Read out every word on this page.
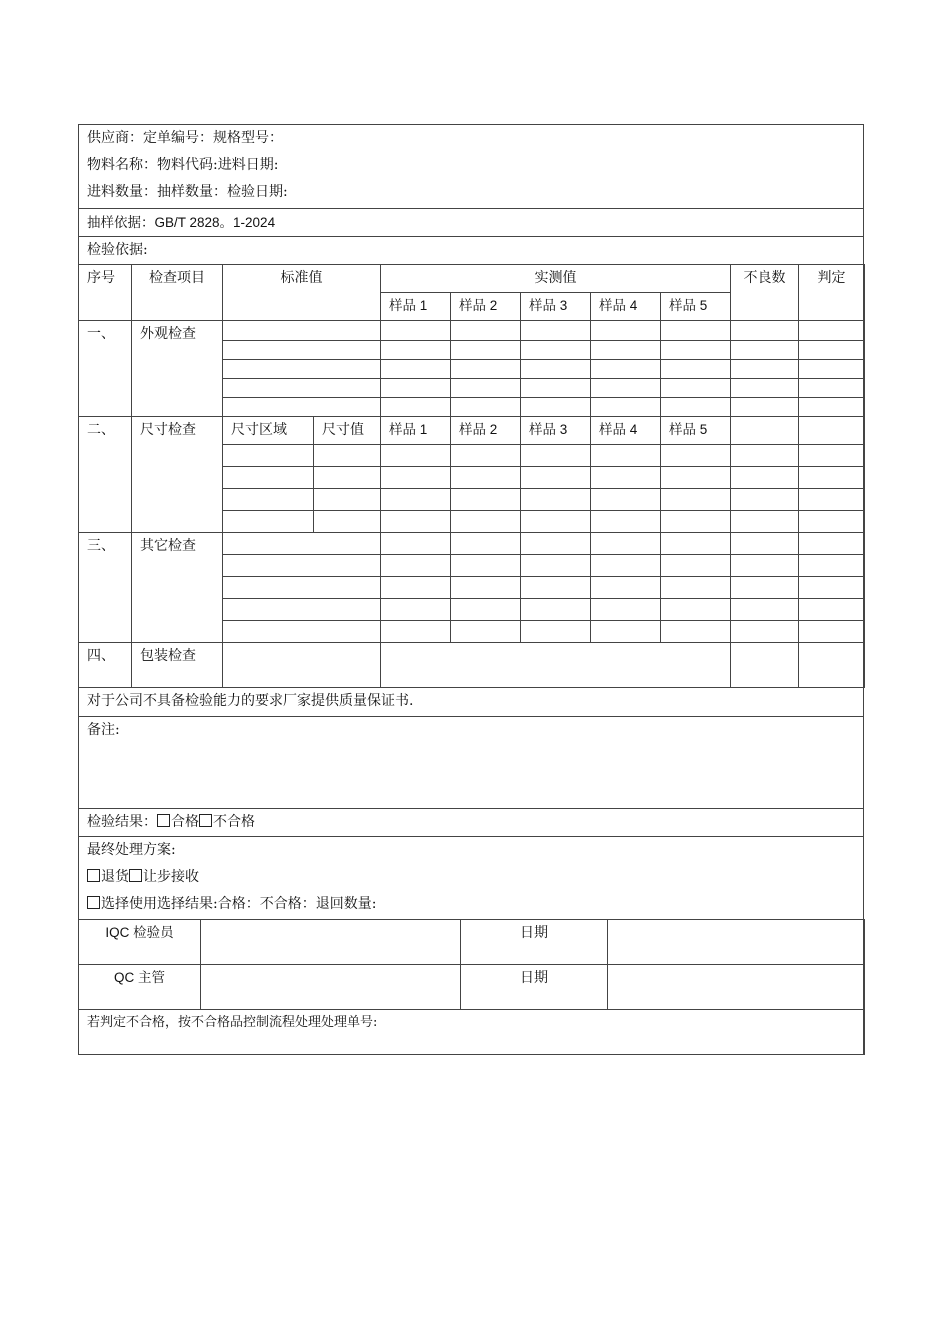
供应商：定单编号：规格型号：
物料名称：物料代码:进料日期:
进料数量：抽样数量：检验日期:
抽样依据：GB/T 2828。1-2024
检验依据:
序号	检查项目	标准值		实测值					不良数	判定
				样品 1	样品 2	样品 3	样品 4	样品 5		
一、	外观检查									

二、	尺寸检查	尺寸区域	尺寸值	样品 1	样品 2	样品 3	样品 4	样品 5		

三、	其它检查									

四、	包装检查									
对于公司不具备检验能力的要求厂家提供质量保证书.
备注:
检验结果： 合格 不合格
最终处理方案:
退货 让步接收
选择使用选择结果:合格：不合格：退回数量:
IQC 检验员		日期	
QC 主管		日期	
若判定不合格，按不合格品控制流程处理处理单号:			
